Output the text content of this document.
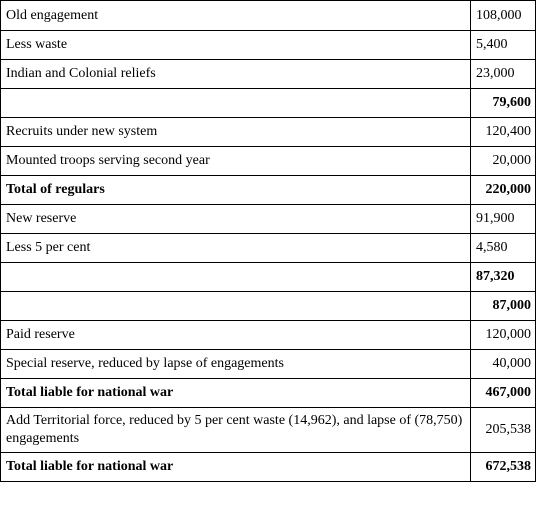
Old engagement	108,000
Less waste	5,400
Indian and Colonial reliefs	23,000
	79,600
Recruits under new system	120,400
Mounted troops serving second year	20,000
Total of regulars	220,000
New reserve	91,900
Less 5 per cent	4,580
	87,320
	87,000
Paid reserve	120,000
Special reserve, reduced by lapse of engagements	40,000
Total liable for national war	467,000
Add Territorial force, reduced by 5 per cent waste (14,962), and lapse of (78,750) engagements	205,538
Total liable for national war	672,538
